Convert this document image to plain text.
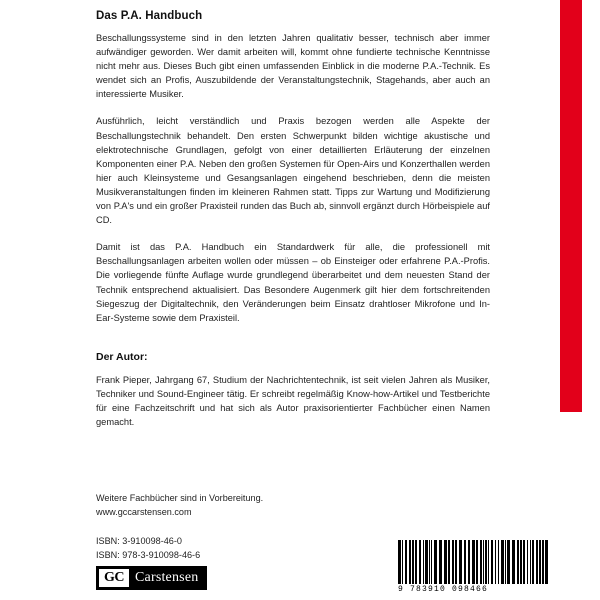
Das P.A. Handbuch

Beschallungssysteme sind in den letzten Jahren qualitativ besser, technisch aber immer aufwändiger geworden. Wer damit arbeiten will, kommt ohne fundierte technische Kenntnisse nicht mehr aus. Dieses Buch gibt einen umfassenden Einblick in die moderne P.A.-Technik. Es wendet sich an Profis, Auszubildende der Veranstaltungstechnik, Stagehands, aber auch an interessierte Musiker.

Ausführlich, leicht verständlich und Praxis bezogen werden alle Aspekte der Beschallungstechnik behandelt. Den ersten Schwerpunkt bilden wichtige akustische und elektrotechnische Grundlagen, gefolgt von einer detaillierten Erläuterung der einzelnen Komponenten einer P.A. Neben den großen Systemen für Open-Airs und Konzerthallen werden hier auch Kleinsysteme und Gesangsanlagen eingehend beschrieben, denn die meisten Musikveranstaltungen finden im kleineren Rahmen statt. Tipps zur Wartung und Modifizierung von P.A's und ein großer Praxisteil runden das Buch ab, sinnvoll ergänzt durch Hörbeispiele auf CD.

Damit ist das P.A. Handbuch ein Standardwerk für alle, die professionell mit Beschallungsanlagen arbeiten wollen oder müssen – ob Einsteiger oder erfahrene P.A.-Profis. Die vorliegende fünfte Auflage wurde grundlegend überarbeitet und dem neuesten Stand der Technik entsprechend aktualisiert. Das Besondere Augenmerk gilt hier dem fortschreitenden Siegeszug der Digitaltechnik, den Veränderungen beim Einsatz drahtloser Mikrofone und In-Ear-Systeme sowie dem Praxisteil.

Der Autor:

Frank Pieper, Jahrgang 67, Studium der Nachrichtentechnik, ist seit vielen Jahren als Musiker, Techniker und Sound-Engineer tätig. Er schreibt regelmäßig Know-how-Artikel und Testberichte für eine Fachzeitschrift und hat sich als Autor praxisorientierter Fachbücher einen Namen gemacht.

Weitere Fachbücher sind in Vorbereitung.
www.gccarstensen.com
ISBN: 3-910098-46-0
ISBN: 978-3-910098-46-6
GC Carstensen
9 783910 098466
